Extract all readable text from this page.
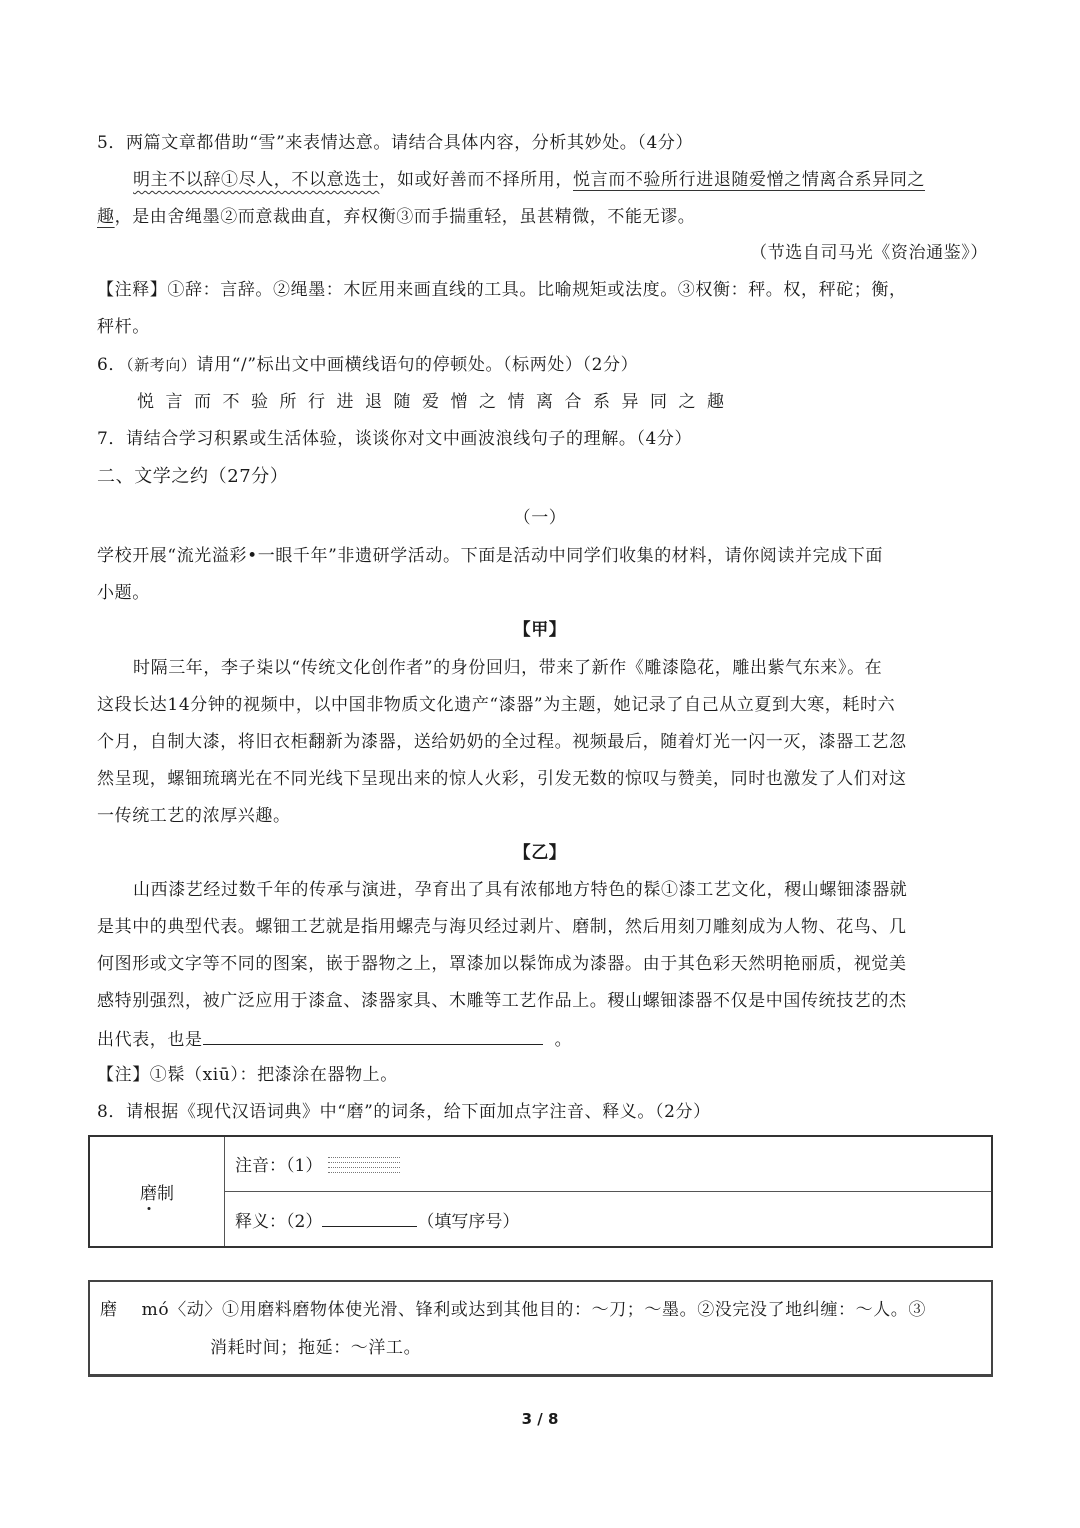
5．两篇文章都借助“雪”来表情达意。请结合具体内容，分析其妙处。（4分）
明主不以辞①尽人，不以意选士，如或好善而不择所用，悦言而不验所行进退随爱憎之情离合系异同之
趣，是由舍绳墨②而意裁曲直，弃权衡③而手揣重轻，虽甚精微，不能无谬。
（节选自司马光《资治通鉴》）
【注释】①辞：言辞。②绳墨：木匠用来画直线的工具。比喻规矩或法度。③权衡：秤。权，秤砣；衡，
秤杆。
6．（新考向）请用“/”标出文中画横线语句的停顿处。（标两处）（2分）
悦言而不验所行进退随爱憎之情离合系异同之趣
7．请结合学习积累或生活体验，谈谈你对文中画波浪线句子的理解。（4分）
二、文学之约（27分）
（一）
学校开展“流光溢彩•一眼千年”非遗研学活动。下面是活动中同学们收集的材料，请你阅读并完成下面
小题。
【甲】
时隔三年，李子柒以“传统文化创作者”的身份回归，带来了新作《雕漆隐花，雕出紫气东来》。在
这段长达14分钟的视频中，以中国非物质文化遗产“漆器”为主题，她记录了自己从立夏到大寒，耗时六
个月，自制大漆，将旧衣柜翻新为漆器，送给奶奶的全过程。视频最后，随着灯光一闪一灭，漆器工艺忽
然呈现，螺钿琉璃光在不同光线下呈现出来的惊人火彩，引发无数的惊叹与赞美，同时也激发了人们对这
一传统工艺的浓厚兴趣。
【乙】
山西漆艺经过数千年的传承与演进，孕育出了具有浓郁地方特色的髹①漆工艺文化，稷山螺钿漆器就
是其中的典型代表。螺钿工艺就是指用螺壳与海贝经过剥片、磨制，然后用刻刀雕刻成为人物、花鸟、几
何图形或文字等不同的图案，嵌于器物之上，罩漆加以髹饰成为漆器。由于其色彩天然明艳丽质，视觉美
感特别强烈，被广泛应用于漆盒、漆器家具、木雕等工艺作品上。稷山螺钿漆器不仅是中国传统技艺的杰
出代表，也是	。
【注】①髹（xiū）：把漆涂在器物上。
8．请根据《现代汉语词典》中“磨”的词条，给下面加点字注音、释义。（2分）
磨制	注音：（1）

释义：（2）	（填写序号）
磨 mó〈动〉①用磨料磨物体使光滑、锋利或达到其他目的：～刀；～墨。②没完没了地纠缠：～人。③
消耗时间；拖延：～洋工。
3 / 8
